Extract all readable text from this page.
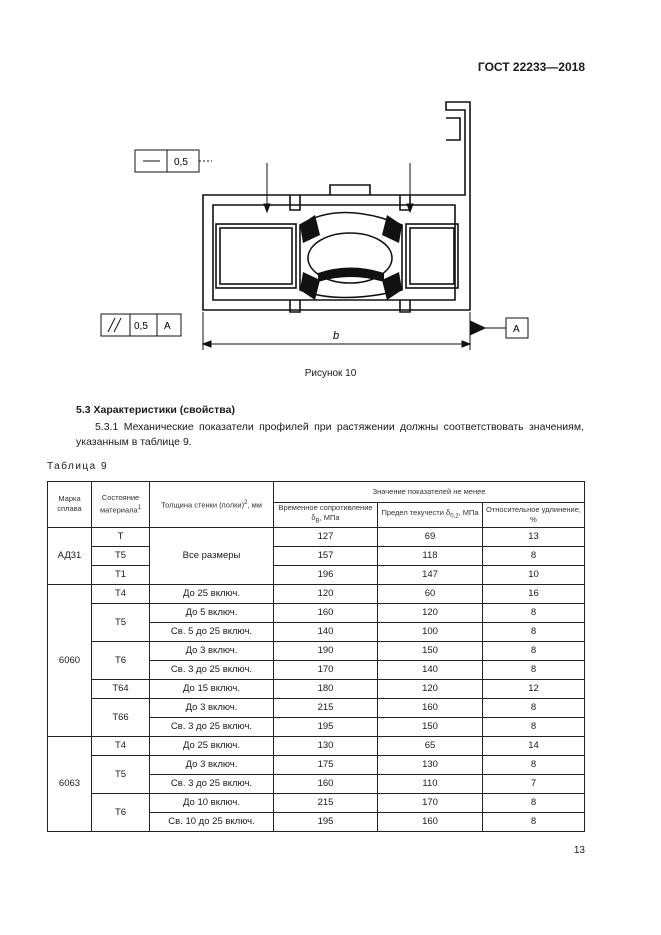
ГОСТ 22233—2018
0,5
0,5 A
b
A
Рисунок 10
5.3 Характеристики (свойства)
5.3.1 Механические показатели профилей при растяжении должны соответствовать значениям, указанным в таблице 9.
Таблица 9
Марка сплава	Состояние материала$^1$	Толщина стенки (полки)$^2$, мм	Значение показателей не менее		
			Временное сопротивление $\delta_В$, МПа	Предел текучести $\delta_{0,2}$, МПа	Относительное удлинение, %
АД31	Т	Все размеры	127	69	13
	Т5		157	118	8
	Т1		196	147	10
6060	Т4	До 25 включ.	120	60	16
	Т5	До 5 включ.	160	120	8
		Св. 5 до 25 включ.	140	100	8
	Т6	До 3 включ.	190	150	8
		Св. 3 до 25 включ.	170	140	8
	Т64	До 15 включ.	180	120	12
	Т66	До 3 включ.	215	160	8
		Св. 3 до 25 включ.	195	150	8
6063	Т4	До 25 включ.	130	65	14
	Т5	До 3 включ.	175	130	8
		Св. 3 до 25 включ.	160	110	7
	Т6	До 10 включ.	215	170	8
		Св. 10 до 25 включ.	195	160	8
13
